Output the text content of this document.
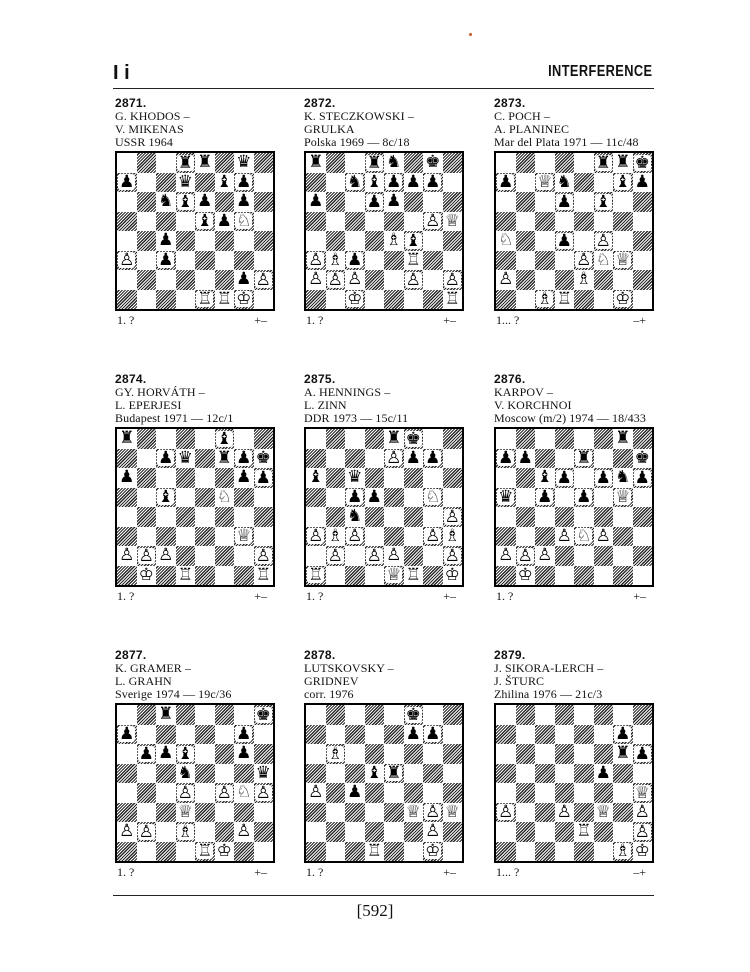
I i	INTERFERENCE
2871.
G. KHODOS –
V. MIKENAS
USSR 1964
♜ ♜ ♛
♟	♛ ♝ ♟
♞ ♝ ♟ ♟
♝ ♟ ♘
♟
♙ ♟
♟ ♙
♖ ♖ ♔
1. ?	+–
2872.
K. STECZKOWSKI –
GRULKA
Polska 1969 — 8c/18
♜	♜ ♞ ♚
♞ ♝ ♟ ♟ ♟
♟	♟ ♟
♙ ♕
♗ ♝
♙ ♗ ♟	♖
♙ ♙ ♙	♙ ♙
♔	♖
1. ?	+–
2873.
C. POCH –
A. PLANINEC
Mar del Plata 1971 — 11c/48
♜ ♜ ♚
♟ ♕ ♞	♝ ♟
♟ ♝
♘	♟ ♙
♙ ♘ ♕
♙	♗
♗ ♖	♔
1... ?	–+
2874.
GY. HORVÁTH –
L. EPERJESI
Budapest 1971 — 12c/1
♜	♝
♟ ♛ ♜ ♟ ♚
♟	♟ ♟
♝	♘
♕
♙ ♙ ♙	♙
♔ ♖	♖
1. ?	+–
2875.
A. HENNINGS –
L. ZINN
DDR 1973 — 15c/11
♜ ♚
♙ ♟ ♟
♝ ♛
♟ ♟	♘
♞	♙
♙ ♗ ♙	♙ ♗
♙ ♙ ♙	♙
♖	♕ ♖ ♔
1. ?	+–
2876.
KARPOV –
V. KORCHNOI
Moscow (m/2) 1974 — 18/433
♜
♟ ♟	♜	♚
♝ ♟ ♟ ♞ ♟
♛ ♟ ♟ ♕
♙ ♘ ♙
♙ ♙ ♙
♔
1. ?	+–
2877.
K. GRAMER –
L. GRAHN
Sverige 1974 — 19c/36
♜	♚
♟	♟
♟ ♟ ♝	♟
♞	♛
♙ ♙ ♘ ♙
♕
♙ ♙ ♗	♙
♖ ♔
1. ?	+–
2878.
LUTSKOVSKY –
GRIDNEV
corr. 1976
♚
♟ ♟
♗
♝ ♜
♙ ♟
♕ ♙ ♕
♙
♖	♔
1. ?	+–
2879.
J. SIKORA-LERCH –
J. ŠTURC
Zhilina 1976 — 21c/3
♟
♜ ♟
♟
♕
♙	♙ ♕ ♙
♖	♙
♗ ♔
1... ?	–+
[592]
